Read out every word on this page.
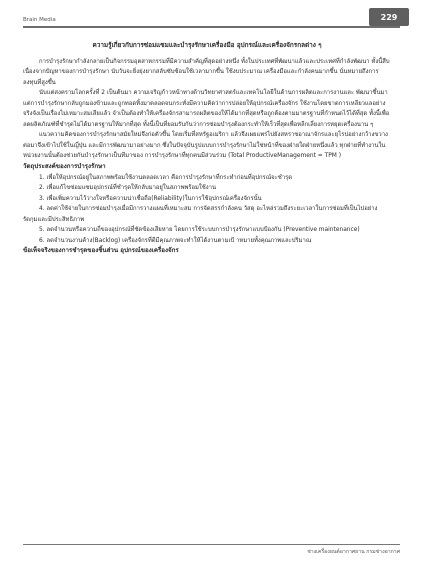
Brain Media	229

ความรู้เกี่ยวกับการซ่อมแซมและบำรุงรักษาเครื่องมือ อุปกรณ์และเครื่องจักรกลต่าง ๆ

การบำรุงรักษากำลังกลายเป็นกิจกรรมอุตสาหกรรมที่มีความสำคัญที่สุดอย่างหนึ่ง ทั้งในประเทศที่พัฒนาแล้วและประเทศที่กำลังพัฒนา ทั้งนี้สืบเนื่องจากปัญหาของการบำรุงรักษา นับวันจะยิ่งยุ่งยากสลับซับซ้อนใช้เวลามากขึ้น ใช้งบประมาณ เครื่องมือและกำลังคนมากขึ้น นั่นหมายถึงการลงทุนที่สูงขึ้น

นับแต่สงครามโลกครั้งที่ 2 เป็นต้นมา ความเจริญก้าวหน้าทางด้านวิทยาศาสตร์และเทคโนโลยีในด้านการผลิตและการงานและ พัฒนาขึ้นมา แต่การบำรุงรักษากลับถูกมองข้ามและถูกทอดทิ้งมาตลอดจนกระทั่งมีความคิดว่าการปล่อยให้อุปกรณ์เครื่องจักร ใช้งานโดยขาดการเหลียวแลอย่างจริงจังเป็นเรื่องไม่เหมาะสมเสียแล้ว จำเป็นต้องทำให้เครื่องจักรสามารถผลิตของให้ได้มากที่สุดหรือถูกต้องตามมาตรฐานที่กำหนดไว้ได้ที่สุด ทั้งนี้เพื่อลดผลิตภัณฑ์ที่ชำรุดไม่ได้มาตรฐานให้มากที่สุด ทั้งนี้เป็นที่ยอมรับกันว่าการซ่อมบำรุงต้องกระทำให้เร็วที่สุดเพื่อหลีกเลี่ยงการหยุดเครื่องนาน ๆ

แนวความคิดของการบำรุงรักษาสมัยใหม่จึงก่อตัวขึ้น โดยเริ่มที่สหรัฐอเมริกา แล้วจึงเผยแพร่ไปยังสหราชอาณาจักรและยุโรปอย่างกว้างขวาง ต่อมาจึงเข้าไปใช้ในญี่ปุ่น และมีการพัฒนามาอย่างมาก ซึ่งในปัจจุบันรูปแบบการบำรุงรักษาไม่ใช่หน้าที่ของฝ่ายใดฝ่ายหนึ่งแล้ว ทุกฝ่ายที่ทำงานในหน่วยงานนั้นต้องช่วยกันบำรุงรักษาเป็นทีมาของ การบำรุงรักษาที่ทุกคนมีส่วนร่วม (Total ProductiveManagement = TPM )

วัตถุประสงค์ของการบำรุงรักษา

1. เพื่อให้อุปกรณ์อยู่ในสภาพพร้อมใช้งานตลอดเวลา คือการบำรุงรักษาที่กระทำก่อนที่อุปกรณ์จะชำรุด

2. เพื่อแก้ไขซ่อมแซมอุปกรณ์ที่ชำรุดให้กลับมาอยู่ในสภาพพร้อมใช้งาน

3. เพื่อเพิ่มความไว้วางใจหรือความน่าเชื่อถือ(Reliability)ในการใช้อุปกรณ์เครื่องจักรนั้น

4. ลดค่าใช้จ่ายในการซ่อมบำรุงเมื่อมีการวางแผนที่เหมาะสม การจัดสรรกำลังคน วัสดุ อะไหล่รวมถึงระยะเวลาในการซ่อมที่เป็นไปอย่างรัดกุมและมีประสิทธิภาพ

5. ลดจำนวนหรือความถี่ของอุปกรณ์ที่ชัดข้องเสียหาย โดยการใช้ระบบการบำรุงรักษาแบบป้องกัน (Preventive maintenance)

6. ลดจำนวนงานค้าง(Backlog) เครื่องจักรที่ดีมีคุณภาพจะทำให้ได้งานตามเป้ าหมายทั้งคุณภาพและปริมาณ

ข้อเท็จจริงของการชำรุดของชิ้นส่วน อุปกรณ์ของเครื่องจักร

ช่างเครื่องยนต์อากาศยาน กรมช่างอากาศ
